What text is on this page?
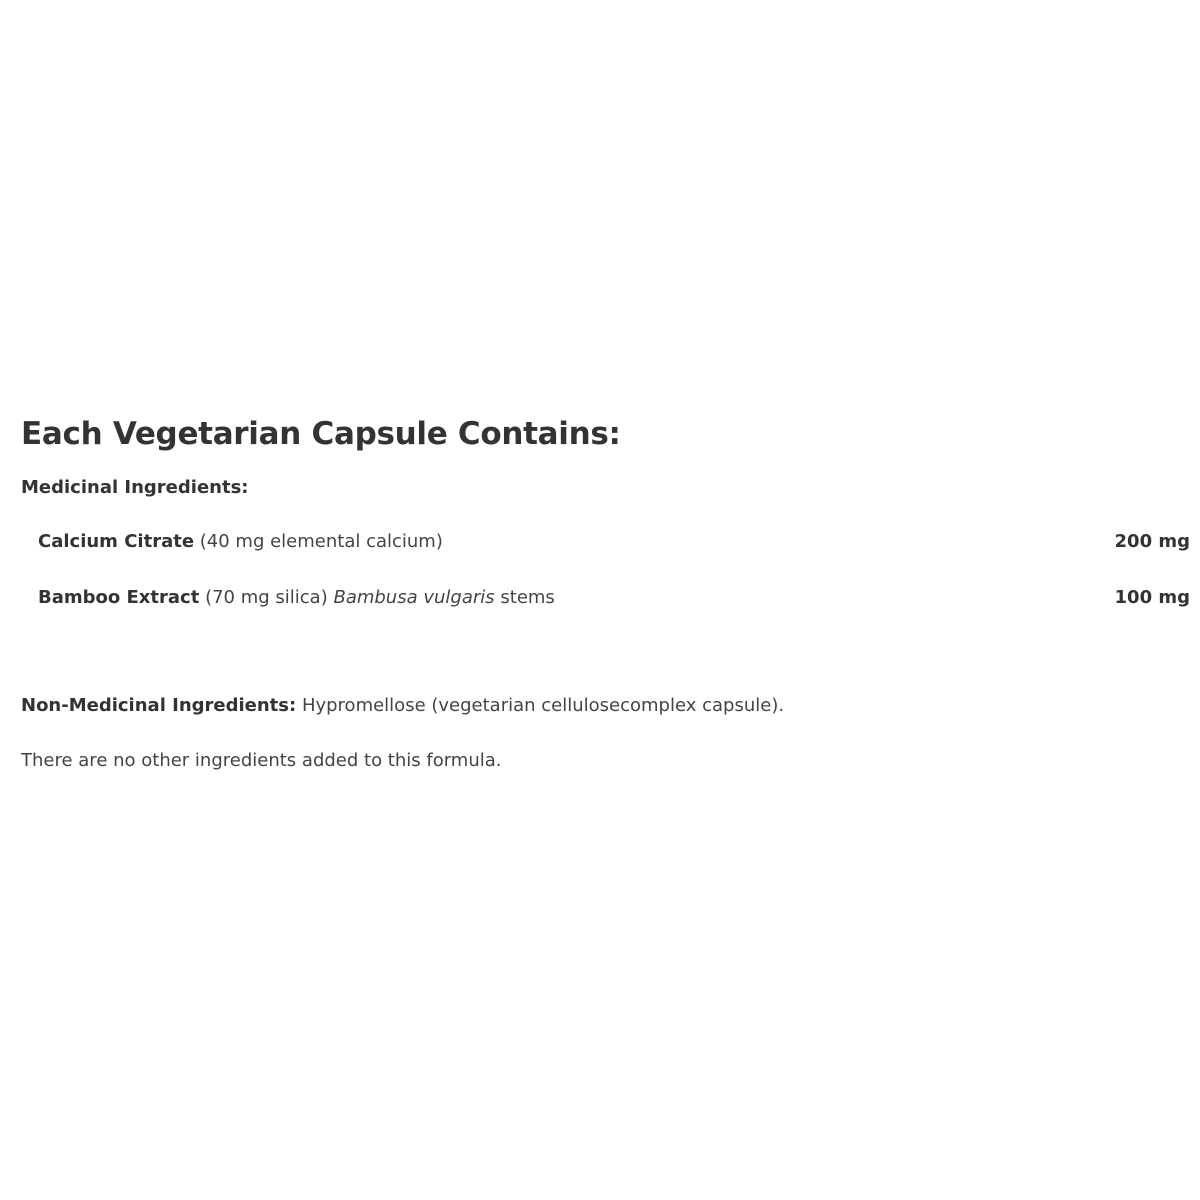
Each Vegetarian Capsule Contains:
Medicinal Ingredients:
Calcium Citrate (40 mg elemental calcium)	200 mg
Bamboo Extract (70 mg silica) Bambusa vulgaris stems	100 mg
Non-Medicinal Ingredients: Hypromellose (vegetarian cellulosecomplex capsule).
There are no other ingredients added to this formula.
